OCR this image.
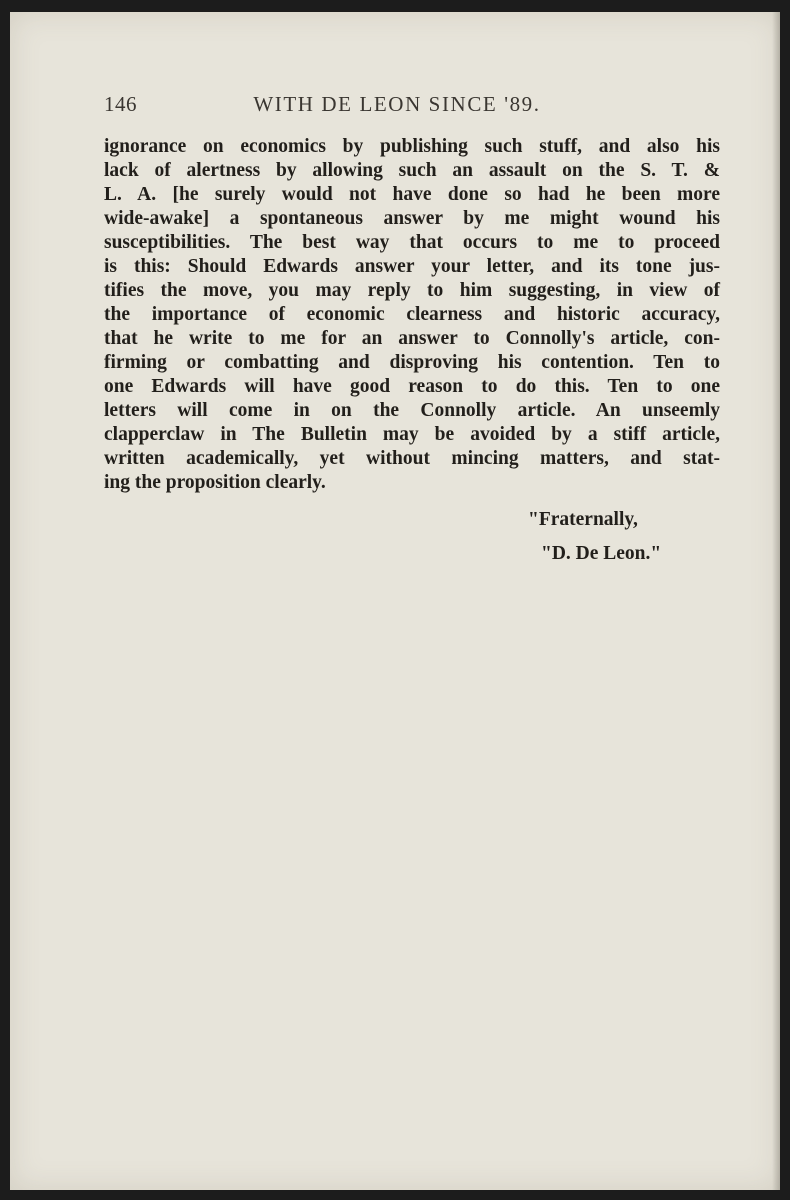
146	WITH DE LEON SINCE '89.
ignorance on economics by publishing such stuff, and also his
lack of alertness by allowing such an assault on the S. T. &
L. A. [he surely would not have done so had he been more
wide-awake] a spontaneous answer by me might wound his
susceptibilities. The best way that occurs to me to proceed
is this: Should Edwards answer your letter, and its tone jus-
tifies the move, you may reply to him suggesting, in view of
the importance of economic clearness and historic accuracy,
that he write to me for an answer to Connolly's article, con-
firming or combatting and disproving his contention. Ten to
one Edwards will have good reason to do this. Ten to one
letters will come in on the Connolly article. An unseemly
clapperclaw in The Bulletin may be avoided by a stiff article,
written academically, yet without mincing matters, and stat-
ing the proposition clearly.
"Fraternally,
"D. De Leon."
